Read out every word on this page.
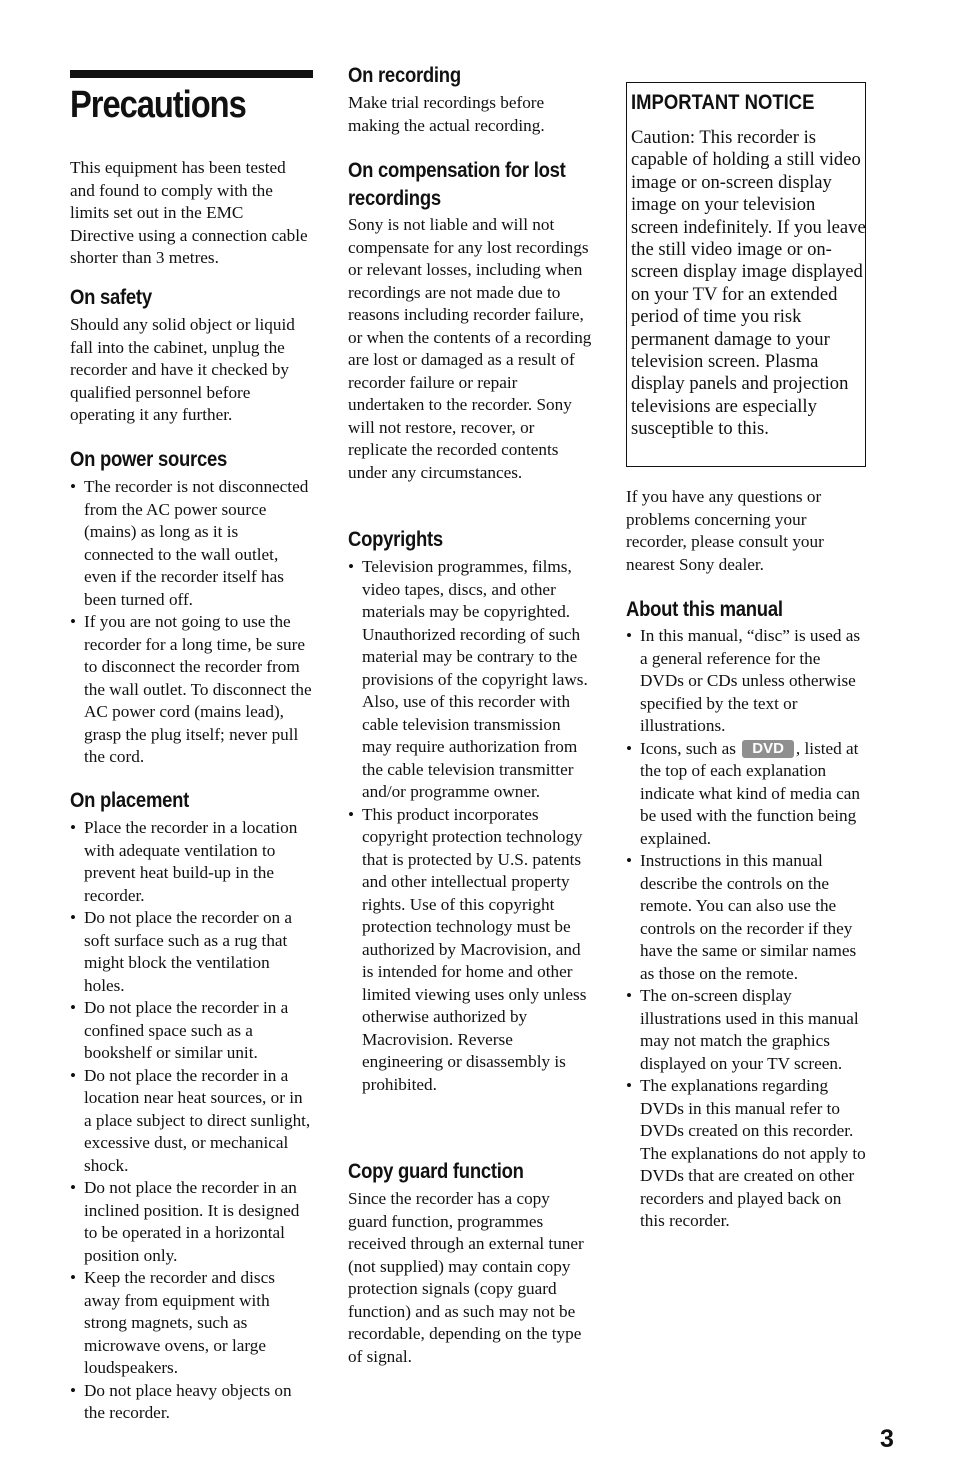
Precautions

This equipment has been tested and found to comply with the limits set out in the EMC Directive using a connection cable shorter than 3 metres.

On safety

Should any solid object or liquid fall into the cabinet, unplug the recorder and have it checked by qualified personnel before operating it any further.

On power sources
• The recorder is not disconnected from the AC power source (mains) as long as it is connected to the wall outlet, even if the recorder itself has been turned off.
• If you are not going to use the recorder for a long time, be sure to disconnect the recorder from the wall outlet. To disconnect the AC power cord (mains lead), grasp the plug itself; never pull the cord.
On placement
• Place the recorder in a location with adequate ventilation to prevent heat build-up in the recorder.
• Do not place the recorder on a soft surface such as a rug that might block the ventilation holes.
• Do not place the recorder in a confined space such as a bookshelf or similar unit.
• Do not place the recorder in a location near heat sources, or in a place subject to direct sunlight, excessive dust, or mechanical shock.
• Do not place the recorder in an inclined position. It is designed to be operated in a horizontal position only.
• Keep the recorder and discs away from equipment with strong magnets, such as microwave ovens, or large loudspeakers.
• Do not place heavy objects on the recorder.
On recording

Make trial recordings before making the actual recording.

On compensation for lost recordings

Sony is not liable and will not compensate for any lost recordings or relevant losses, including when recordings are not made due to reasons including recorder failure, or when the contents of a recording are lost or damaged as a result of recorder failure or repair undertaken to the recorder. Sony will not restore, recover, or replicate the recorded contents under any circumstances.

Copyrights
• Television programmes, films, video tapes, discs, and other materials may be copyrighted. Unauthorized recording of such material may be contrary to the provisions of the copyright laws. Also, use of this recorder with cable television transmission may require authorization from the cable television transmitter and/or programme owner.
• This product incorporates copyright protection technology that is protected by U.S. patents and other intellectual property rights. Use of this copyright protection technology must be authorized by Macrovision, and is intended for home and other limited viewing uses only unless otherwise authorized by Macrovision. Reverse engineering or disassembly is prohibited.
Copy guard function

Since the recorder has a copy guard function, programmes received through an external tuner (not supplied) may contain copy protection signals (copy guard function) and as such may not be recordable, depending on the type of signal.

IMPORTANT NOTICE

Caution: This recorder is capable of holding a still video image or on-screen display image on your television screen indefinitely. If you leave the still video image or on-screen display image displayed on your TV for an extended period of time you risk permanent damage to your television screen. Plasma display panels and projection televisions are especially susceptible to this.

If you have any questions or problems concerning your recorder, please consult your nearest Sony dealer.

About this manual
• In this manual, “disc” is used as a general reference for the DVDs or CDs unless otherwise specified by the text or illustrations.
• Icons, such as DVD , listed at the top of each explanation indicate what kind of media can be used with the function being explained.
• Instructions in this manual describe the controls on the remote. You can also use the controls on the recorder if they have the same or similar names as those on the remote.
• The on-screen display illustrations used in this manual may not match the graphics displayed on your TV screen.
• The explanations regarding DVDs in this manual refer to DVDs created on this recorder. The explanations do not apply to DVDs that are created on other recorders and played back on this recorder.
3
